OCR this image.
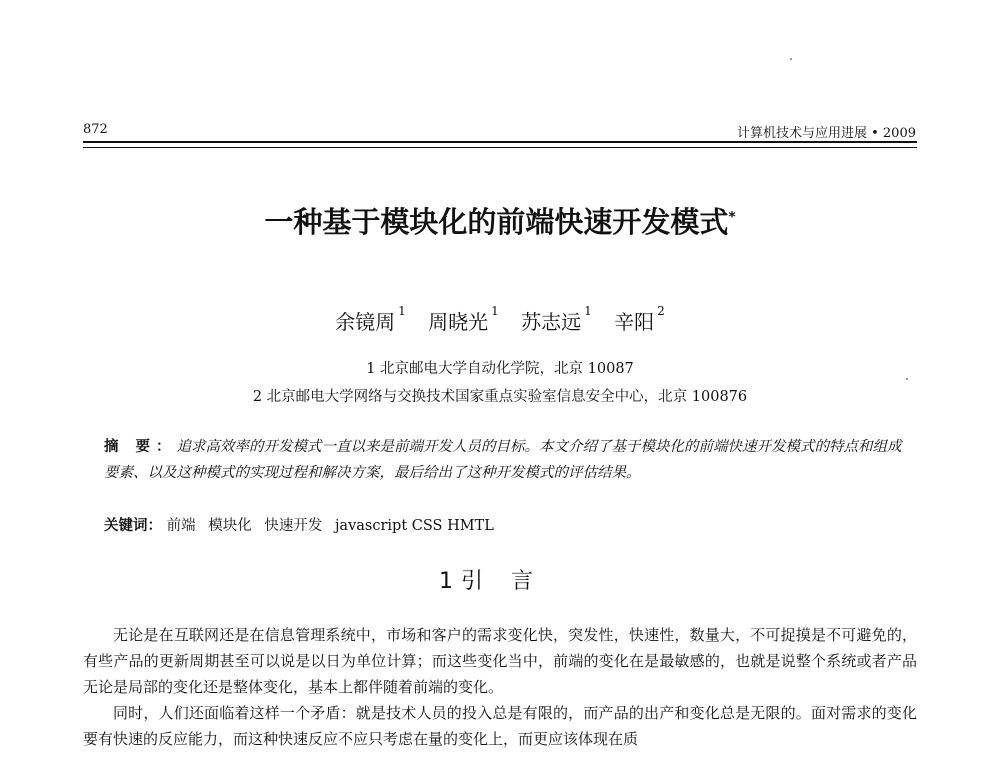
872	计算机技术与应用进展 • 2009
一种基于模块化的前端快速开发模式*
余镜周 $^1$ 周晓光 $^1$ 苏志远 $^1$ 辛阳 $^2$
1 北京邮电大学自动化学院，北京 10087
2 北京邮电大学网络与交换技术国家重点实验室信息安全中心，北京 100876
摘 要：追求高效率的开发模式一直以来是前端开发人员的目标。本文介绍了基于模块化的前端快速开发模式的特点和组成要素、以及这种模式的实现过程和解决方案，最后给出了这种开发模式的评估结果。
关键词： 前端 模块化 快速开发 javascript CSS HMTL
1 引言

无论是在互联网还是在信息管理系统中，市场和客户的需求变化快，突发性，快速性，数量大，不可捉摸是不可避免的，有些产品的更新周期甚至可以说是以日为单位计算；而这些变化当中，前端的变化在是最敏感的，也就是说整个系统或者产品无论是局部的变化还是整体变化，基本上都伴随着前端的变化。

同时，人们还面临着这样一个矛盾：就是技术人员的投入总是有限的，而产品的出产和变化总是无限的。面对需求的变化要有快速的反应能力，而这种快速反应不应只考虑在量的变化上，而更应该体现在质
